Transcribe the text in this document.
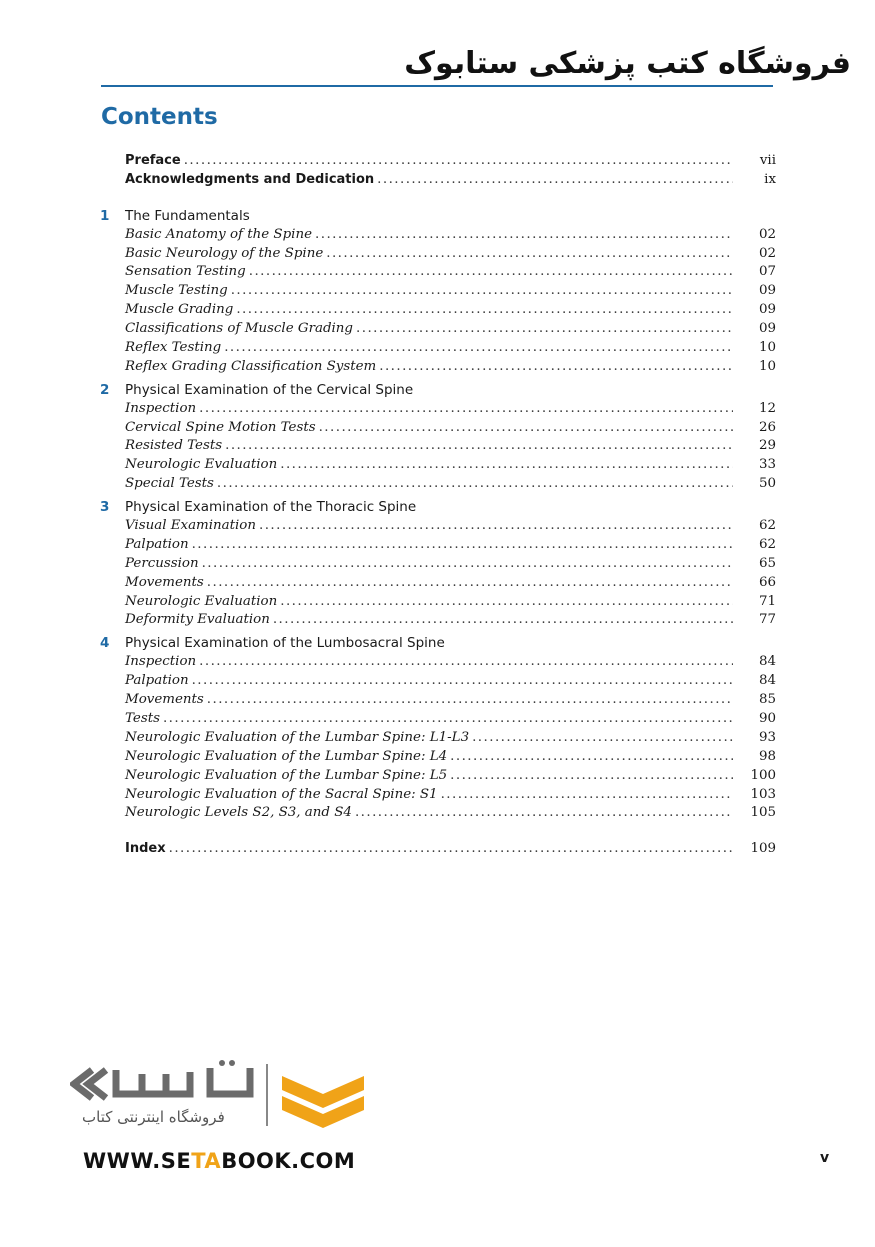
فروشگاه کتب پزشکی ستابوک
Contents
Preface . . .	vii
Acknowledgments and Dedication . . .	ix
1	The Fundamentals
Basic Anatomy of the Spine . . .	02
Basic Neurology of the Spine . . .	02
Sensation Testing . . .	07
Muscle Testing . . .	09
Muscle Grading . . .	09
Classifications of Muscle Grading . . .	09
Reflex Testing . . .	10
Reflex Grading Classification System . . .	10
2	Physical Examination of the Cervical Spine
Inspection . . .	12
Cervical Spine Motion Tests . . .	26
Resisted Tests . . .	29
Neurologic Evaluation . . .	33
Special Tests . . .	50
3	Physical Examination of the Thoracic Spine
Visual Examination . . .	62
Palpation . . .	62
Percussion . . .	65
Movements . . .	66
Neurologic Evaluation . . .	71
Deformity Evaluation . . .	77
4	Physical Examination of the Lumbosacral Spine
Inspection . . .	84
Palpation . . .	84
Movements . . .	85
Tests . . .	90
Neurologic Evaluation of the Lumbar Spine: L1-L3 . . .	93
Neurologic Evaluation of the Lumbar Spine: L4 . . .	98
Neurologic Evaluation of the Lumbar Spine: L5 . . .	100
Neurologic Evaluation of the Sacral Spine: S1 . . .	103
Neurologic Levels S2, S3, and S4 . . .	105
Index . . .	109
فروشگاه اینترنتی کتاب
WWW.SETABOOK.COM	v
